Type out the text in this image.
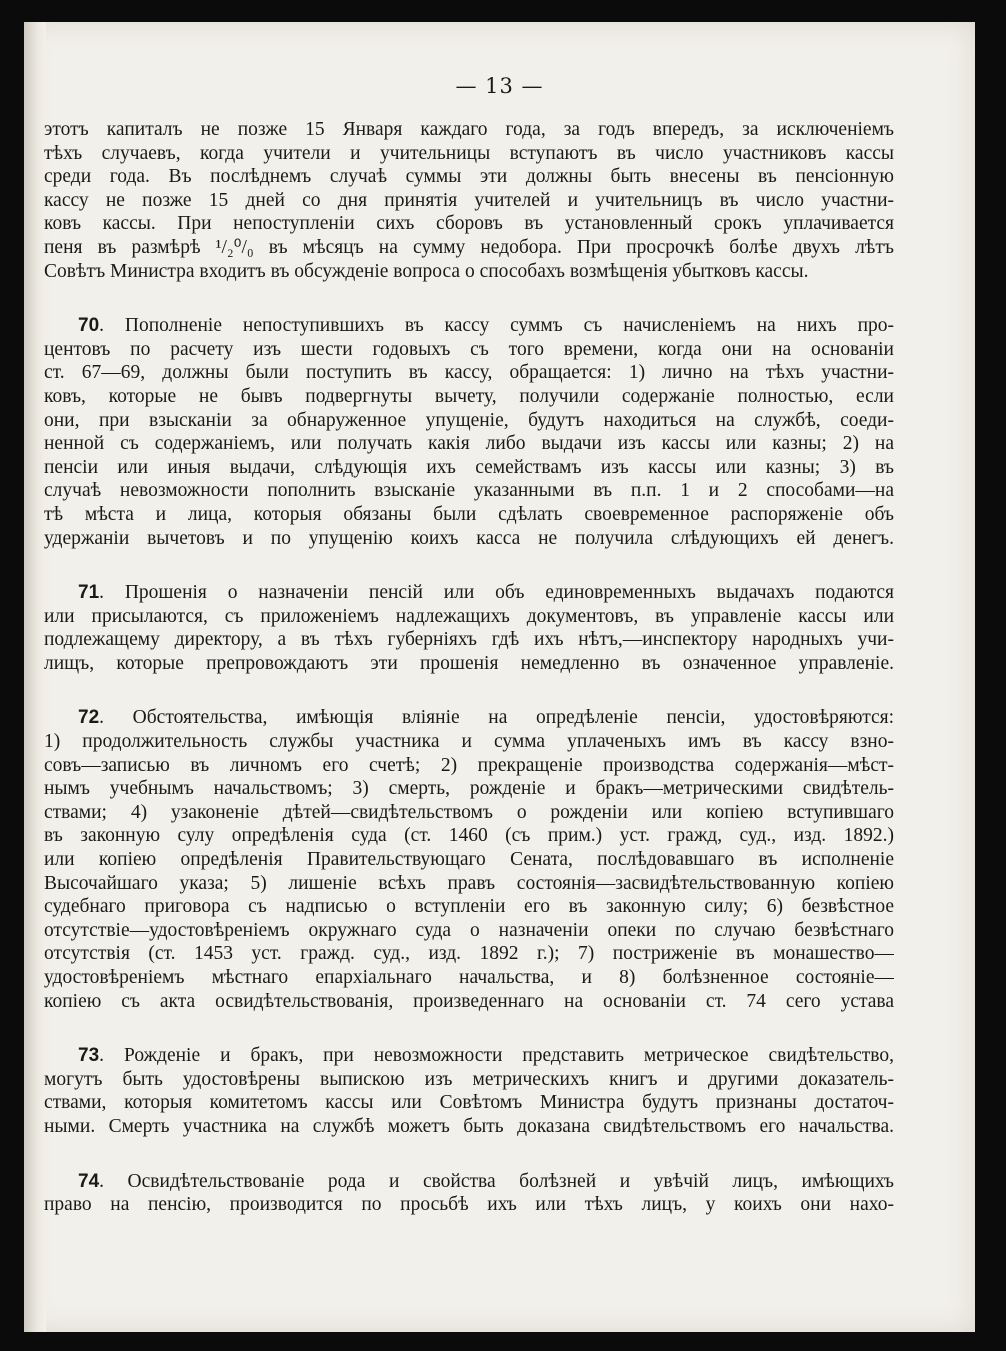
— 13 —
этотъ капиталъ не позже 15 Января каждаго года, за годъ впередъ, за исключеніемъ
тѣхъ случаевъ, когда учители и учительницы вступаютъ въ число участниковъ кассы
среди года. Въ послѣднемъ случаѣ суммы эти должны быть внесены въ пенсіонную
кассу не позже 15 дней со дня принятія учителей и учительницъ въ число участни-
ковъ кассы. При непоступленіи сихъ сборовъ въ установленный срокъ уплачивается
пеня въ размѣрѣ ¹/₂⁰/₀ въ мѣсяцъ на сумму недобора. При просрочкѣ болѣе двухъ лѣтъ
Совѣтъ Министра входитъ въ обсужденіе вопроса о способахъ возмѣщенія убытковъ кассы.
70. Пополненіе непоступившихъ въ кассу суммъ съ начисленіемъ на нихъ про-
центовъ по расчету изъ шести годовыхъ съ того времени, когда они на основаніи
ст. 67—69, должны были поступить въ кассу, обращается: 1) лично на тѣхъ участни-
ковъ, которые не бывъ подвергнуты вычету, получили содержаніе полностью, если
они, при взысканіи за обнаруженное упущеніе, будутъ находиться на службѣ, соеди-
ненной съ содержаніемъ, или получать какія либо выдачи изъ кассы или казны; 2) на
пенсіи или иныя выдачи, слѣдующія ихъ семействамъ изъ кассы или казны; 3) въ
случаѣ невозможности пополнить взысканіе указанными въ п.п. 1 и 2 способами—на
тѣ мѣста и лица, которыя обязаны были сдѣлать своевременное распоряженіе объ
удержаніи вычетовъ и по упущенію коихъ касса не получила слѣдующихъ ей денегъ.
71. Прошенія о назначеніи пенсій или объ единовременныхъ выдачахъ подаются
или присылаются, съ приложеніемъ надлежащихъ документовъ, въ управленіе кассы или
подлежащему директору, а въ тѣхъ губерніяхъ гдѣ ихъ нѣтъ,—инспектору народныхъ учи-
лищъ, которые препровождаютъ эти прошенія немедленно въ означенное управленіе.
72. Обстоятельства, имѣющія вліяніе на опредѣленіе пенсіи, удостовѣряются:
1) продолжительность службы участника и сумма уплаченыхъ имъ въ кассу взно-
совъ—записью въ личномъ его счетѣ; 2) прекращеніе производства содержанія—мѣст-
нымъ учебнымъ начальствомъ; 3) смерть, рожденіе и бракъ—метрическими свидѣтель-
ствами; 4) узаконеніе дѣтей—свидѣтельствомъ о рожденіи или копіею вступившаго
въ законную сулу опредѣленія суда (ст. 1460 (съ прим.) уст. гражд, суд., изд. 1892.)
или копіею опредѣленія Правительствующаго Сената, послѣдовавшаго въ исполненіе
Высочайшаго указа; 5) лишеніе всѣхъ правъ состоянія—засвидѣтельствованную копіею
судебнаго приговора съ надписью о вступленіи его въ законную силу; 6) безвѣстное
отсутствіе—удостовѣреніемъ окружнаго суда о назначеніи опеки по случаю безвѣстнаго
отсутствія (ст. 1453 уст. гражд. суд., изд. 1892 г.); 7) постриженіе въ монашество—
удостовѣреніемъ мѣстнаго епархіальнаго начальства, и 8) болѣзненное состояніе—
копіею съ акта освидѣтельствованія, произведеннаго на основаніи ст. 74 сего устава
73. Рожденіе и бракъ, при невозможности представить метрическое свидѣтельство,
могутъ быть удостовѣрены выпискою изъ метрическихъ книгъ и другими доказатель-
ствами, которыя комитетомъ кассы или Совѣтомъ Министра будутъ признаны достаточ-
ными. Смерть участника на службѣ можетъ быть доказана свидѣтельствомъ его начальства.
74. Освидѣтельствованіе рода и свойства болѣзней и увѣчій лицъ, имѣющихъ
право на пенсію, производится по просьбѣ ихъ или тѣхъ лицъ, у коихъ они нахо-
